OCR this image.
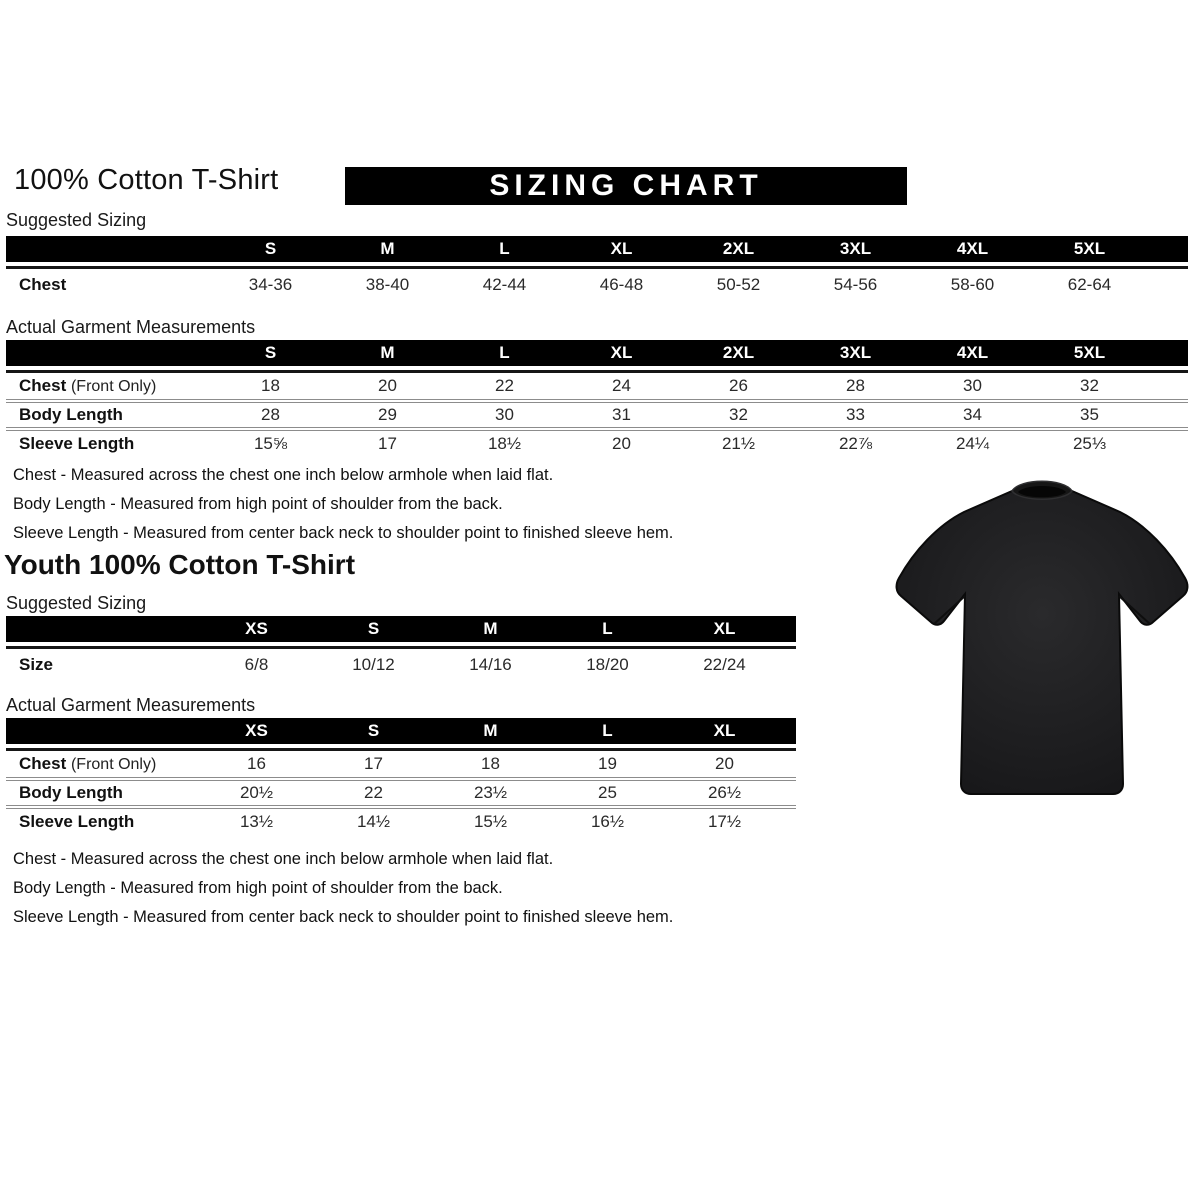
100% Cotton T-Shirt	SIZING CHART
Suggested Sizing
	S	M	L	XL	2XL	3XL	4XL	5XL	
Chest	34-36	38-40	42-44	46-48	50-52	54-56	58-60	62-64	
Actual Garment Measurements
	S	M	L	XL	2XL	3XL	4XL	5XL	
Chest (Front Only)	18	20	22	24	26	28	30	32	
Body Length	28	29	30	31	32	33	34	35	
Sleeve Length	15⅝	17	18½	20	21½	22⅞	24¼	25⅓	

Chest - Measured across the chest one inch below armhole when laid flat.

Body Length - Measured from high point of shoulder from the back.

Sleeve Length - Measured from center back neck to shoulder point to finished sleeve hem.

Youth 100% Cotton T-Shirt
Suggested Sizing
	XS	S	M	L	XL	
Size	6/8	10/12	14/16	18/20	22/24	
Actual Garment Measurements
	XS	S	M	L	XL	
Chest (Front Only)	16	17	18	19	20	
Body Length	20½	22	23½	25	26½	
Sleeve Length	13½	14½	15½	16½	17½	

Chest - Measured across the chest one inch below armhole when laid flat.

Body Length - Measured from high point of shoulder from the back.

Sleeve Length - Measured from center back neck to shoulder point to finished sleeve hem.
